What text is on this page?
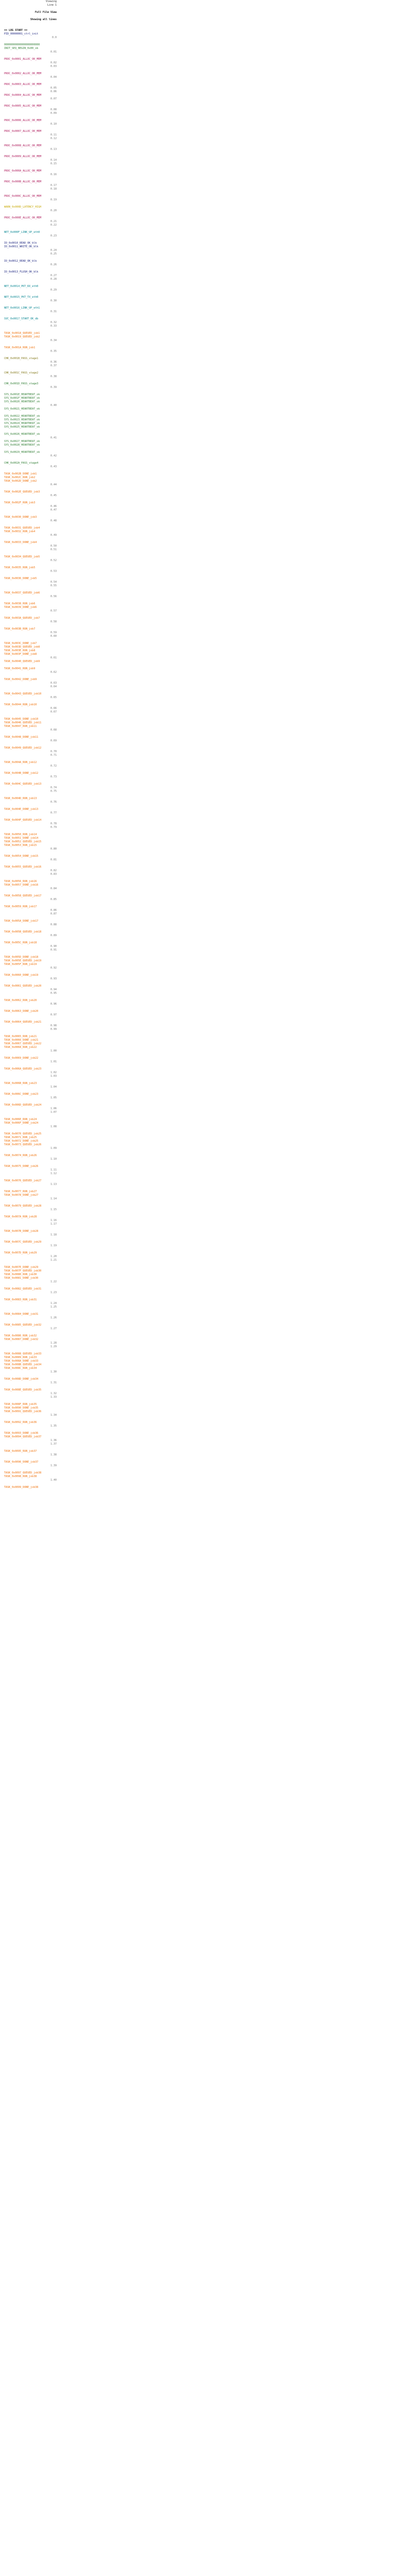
Viewing
Line 1
Full File View
Showing all lines
== LOG START ==
PID_00000001_ctrl_init
0.0

00000000000000000000000
INIT_SEQ_BEGIN_0x00_ok
0.01

PROC_0x0001_ALLOC_OK_MEM
0.02
0.03

PROC_0x0002_ALLOC_OK_MEM
0.04

PROC_0x0003_ALLOC_OK_MEM
0.05
0.06
PROC_0x0004_ALLOC_OK_MEM
0.07

PROC_0x0005_ALLOC_OK_MEM
0.08
0.09

PROC_0x0006_ALLOC_OK_MEM
0.10

PROC_0x0007_ALLOC_OK_MEM
0.11
0.12

PROC_0x0008_ALLOC_OK_MEM
0.13

PROC_0x0009_ALLOC_OK_MEM
0.14
0.15

PROC_0x000A_ALLOC_OK_MEM
0.16

PROC_0x000B_ALLOC_OK_MEM
0.17
0.18

PROC_0x000C_ALLOC_OK_MEM
0.19

WARN_0x000D_LATENCY_HIGH
0.20

PROC_0x000E_ALLOC_OK_MEM
0.21
0.22

NET_0x000F_LINK_UP_eth0
0.23

IO_0x0010_READ_OK_blk
IO_0x0011_WRITE_OK_blk
0.24
0.25

IO_0x0012_READ_OK_blk
0.26

IO_0x0013_FLUSH_OK_blk
0.27
0.28

NET_0x0014_PKT_RX_eth0
0.29

NET_0x0015_PKT_TX_eth0
0.30

NET_0x0016_LINK_UP_eth1
0.31

SVC_0x0017_START_OK_db
0.32
0.33

TASK_0x0018_QUEUED_job1
TASK_0x0019_QUEUED_job2
0.34

TASK_0x001A_RUN_job1
0.35

CHK_0x001B_PASS_stage1
0.36
0.37

CHK_0x001C_PASS_stage2
0.38

CHK_0x001D_PASS_stage3
0.39

SYS_0x001E_HEARTBEAT_ok
SYS_0x001F_HEARTBEAT_ok
SYS_0x0020_HEARTBEAT_ok
0.40
SYS_0x0021_HEARTBEAT_ok

SYS_0x0022_HEARTBEAT_ok
SYS_0x0023_HEARTBEAT_ok
SYS_0x0024_HEARTBEAT_ok
SYS_0x0025_HEARTBEAT_ok

SYS_0x0026_HEARTBEAT_ok
0.41
SYS_0x0027_HEARTBEAT_ok
SYS_0x0028_HEARTBEAT_ok

SYS_0x0029_HEARTBEAT_ok
0.42

CHK_0x002A_PASS_stage4
0.43

TASK_0x002B_DONE_job1
TASK_0x002C_RUN_job2
TASK_0x002D_DONE_job2
0.44

TASK_0x002E_QUEUED_job3
0.45

TASK_0x002F_RUN_job3
0.46
0.47

TASK_0x0030_DONE_job3
0.48

TASK_0x0031_QUEUED_job4
TASK_0x0032_RUN_job4
0.49

TASK_0x0033_DONE_job4
0.50
0.51

TASK_0x0034_QUEUED_job5
0.52

TASK_0x0035_RUN_job5
0.53

TASK_0x0036_DONE_job5
0.54
0.55

TASK_0x0037_QUEUED_job6
0.56

TASK_0x0038_RUN_job6
TASK_0x0039_DONE_job6
0.57

TASK_0x003A_QUEUED_job7
0.58

TASK_0x003B_RUN_job7
0.59
0.60

TASK_0x003C_DONE_job7
TASK_0x003D_QUEUED_job8
TASK_0x003E_RUN_job8
TASK_0x003F_DONE_job8
0.61
TASK_0x0040_QUEUED_job9

TASK_0x0041_RUN_job9
0.62

TASK_0x0042_DONE_job9
0.63
0.64

TASK_0x0043_QUEUED_job10
0.65

TASK_0x0044_RUN_job10
0.66
0.67

TASK_0x0045_DONE_job10
TASK_0x0046_QUEUED_job11
TASK_0x0047_RUN_job11
0.68

TASK_0x0048_DONE_job11
0.69

TASK_0x0049_QUEUED_job12
0.70
0.71

TASK_0x004A_RUN_job12
0.72

TASK_0x004B_DONE_job12
0.73

TASK_0x004C_QUEUED_job13
0.74
0.75

TASK_0x004D_RUN_job13
0.76

TASK_0x004E_DONE_job13
0.77

TASK_0x004F_QUEUED_job14
0.78
0.79

TASK_0x0050_RUN_job14
TASK_0x0051_DONE_job14
TASK_0x0052_QUEUED_job15
TASK_0x0053_RUN_job15
0.80

TASK_0x0054_DONE_job15
0.81

TASK_0x0055_QUEUED_job16
0.82
0.83

TASK_0x0056_RUN_job16
TASK_0x0057_DONE_job16
0.84

TASK_0x0058_QUEUED_job17
0.85

TASK_0x0059_RUN_job17
0.86
0.87

TASK_0x005A_DONE_job17
0.88

TASK_0x005B_QUEUED_job18
0.89

TASK_0x005C_RUN_job18
0.90
0.91

TASK_0x005D_DONE_job18
TASK_0x005E_QUEUED_job19
TASK_0x005F_RUN_job19
0.92

TASK_0x0060_DONE_job19
0.93

TASK_0x0061_QUEUED_job20
0.94
0.95

TASK_0x0062_RUN_job20
0.96

TASK_0x0063_DONE_job20
0.97

TASK_0x0064_QUEUED_job21
0.98
0.99

TASK_0x0065_RUN_job21
TASK_0x0066_DONE_job21
TASK_0x0067_QUEUED_job22
TASK_0x0068_RUN_job22
1.00

TASK_0x0069_DONE_job22
1.01

TASK_0x006A_QUEUED_job23
1.02
1.03

TASK_0x006B_RUN_job23
1.04

TASK_0x006C_DONE_job23
1.05

TASK_0x006D_QUEUED_job24
1.06
1.07

TASK_0x006E_RUN_job24
TASK_0x006F_DONE_job24
1.08

TASK_0x0070_QUEUED_job25
TASK_0x0071_RUN_job25
TASK_0x0072_DONE_job25
TASK_0x0073_QUEUED_job26
1.09

TASK_0x0074_RUN_job26
1.10

TASK_0x0075_DONE_job26
1.11
1.12

TASK_0x0076_QUEUED_job27
1.13

TASK_0x0077_RUN_job27
TASK_0x0078_DONE_job27
1.14

TASK_0x0079_QUEUED_job28
1.15

TASK_0x007A_RUN_job28
1.16
1.17

TASK_0x007B_DONE_job28
1.18

TASK_0x007C_QUEUED_job29
1.19

TASK_0x007D_RUN_job29
1.20
1.21

TASK_0x007E_DONE_job29
TASK_0x007F_QUEUED_job30
TASK_0x0080_RUN_job30
TASK_0x0081_DONE_job30
1.22

TASK_0x0082_QUEUED_job31
1.23

TASK_0x0083_RUN_job31
1.24
1.25

TASK_0x0084_DONE_job31
1.26

TASK_0x0085_QUEUED_job32
1.27

TASK_0x0086_RUN_job32
TASK_0x0087_DONE_job32
1.28
1.29

TASK_0x0088_QUEUED_job33
TASK_0x0089_RUN_job33
TASK_0x008A_DONE_job33
TASK_0x008B_QUEUED_job34
TASK_0x008C_RUN_job34
1.30

TASK_0x008D_DONE_job34
1.31

TASK_0x008E_QUEUED_job35
1.32
1.33

TASK_0x008F_RUN_job35
TASK_0x0090_DONE_job35
TASK_0x0091_QUEUED_job36
1.34

TASK_0x0092_RUN_job36
1.35

TASK_0x0093_DONE_job36
TASK_0x0094_QUEUED_job37
1.36
1.37

TASK_0x0095_RUN_job37
1.38

TASK_0x0096_DONE_job37
1.39

TASK_0x0097_QUEUED_job38
TASK_0x0098_RUN_job38
1.40

TASK_0x0099_DONE_job38
